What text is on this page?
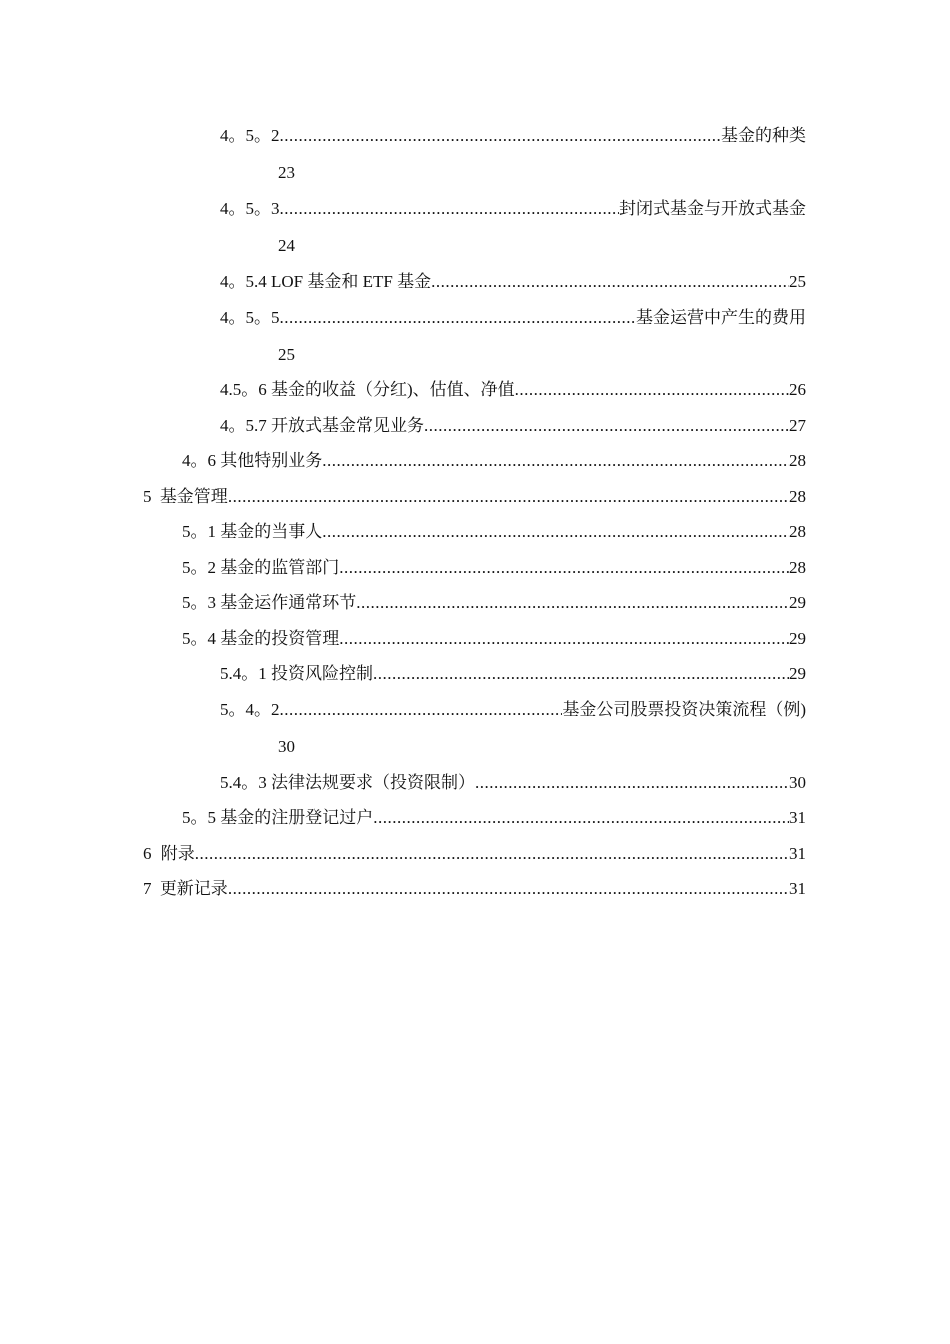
4。5。2 .....	基金的种类
23
4。5。3 .....	封闭式基金与开放式基金
24
4。5.4 LOF 基金和 ETF 基金 .....	25
4。5。5 .....	基金运营中产生的费用
25
4.5。6 基金的收益（分红)、估值、净值 .....	26
4。5.7 开放式基金常见业务 .....	27
4。6 其他特别业务 .....	28
5 基金管理 .....	28
5。1 基金的当事人 .....	28
5。2 基金的监管部门 .....	28
5。3 基金运作通常环节 .....	29
5。4 基金的投资管理 .....	29
5.4。1 投资风险控制 .....	29
5。4。2 .....	基金公司股票投资决策流程（例)
30
5.4。3 法律法规要求（投资限制） .....	30
5。5 基金的注册登记过户 .....	31
6 附录 .....	31
7 更新记录 .....	31
